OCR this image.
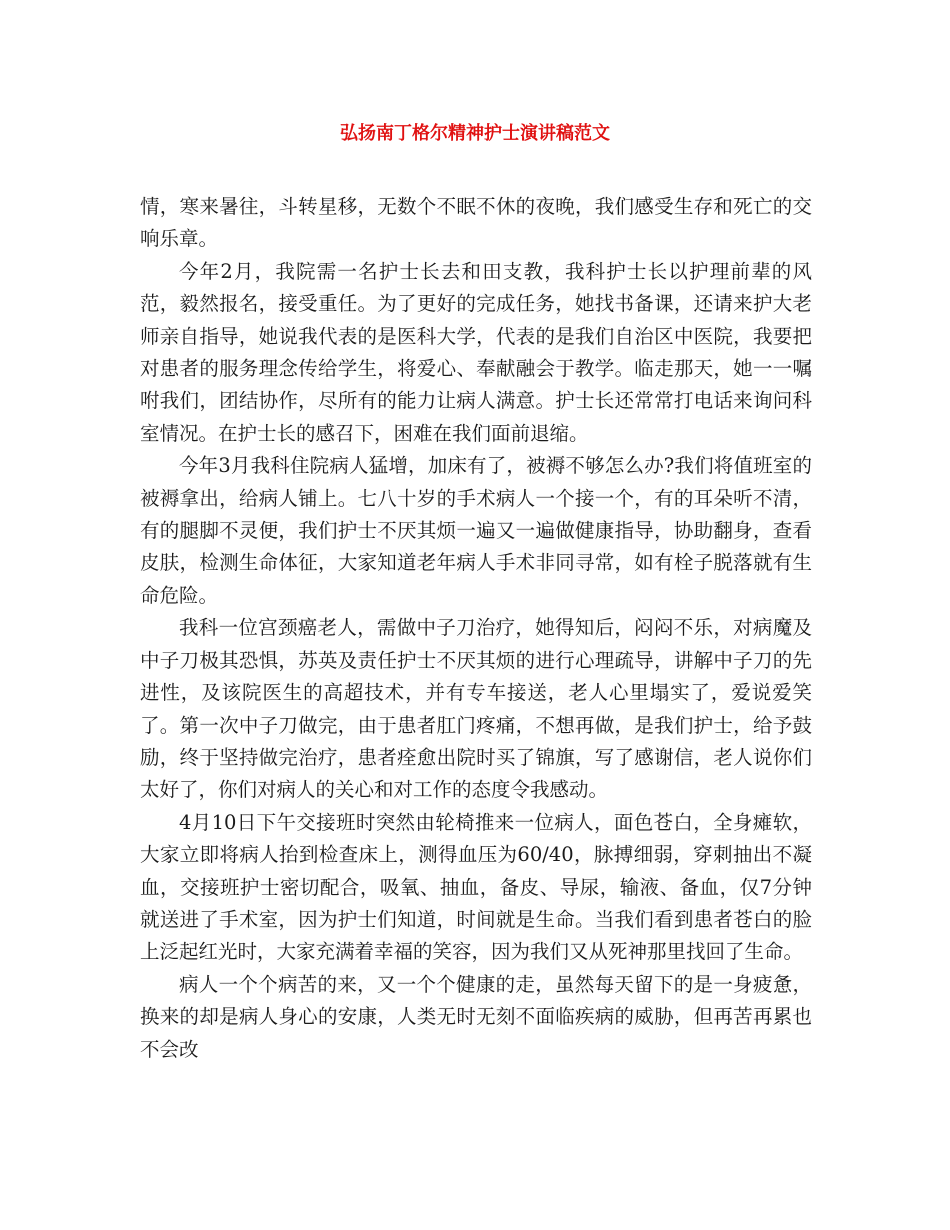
弘扬南丁格尔精神护士演讲稿范文

情，寒来暑往，斗转星移，无数个不眠不休的夜晚，我们感受生存和死亡的交响乐章。

今年2月，我院需一名护士长去和田支教，我科护士长以护理前辈的风范，毅然报名，接受重任。为了更好的完成任务，她找书备课，还请来护大老师亲自指导，她说我代表的是医科大学，代表的是我们自治区中医院，我要把对患者的服务理念传给学生，将爱心、奉献融会于教学。临走那天，她一一嘱咐我们，团结协作，尽所有的能力让病人满意。护士长还常常打电话来询问科室情况。在护士长的感召下，困难在我们面前退缩。

今年3月我科住院病人猛增，加床有了，被褥不够怎么办?我们将值班室的被褥拿出，给病人铺上。七八十岁的手术病人一个接一个，有的耳朵听不清，有的腿脚不灵便，我们护士不厌其烦一遍又一遍做健康指导，协助翻身，查看皮肤，检测生命体征，大家知道老年病人手术非同寻常，如有栓子脱落就有生命危险。

我科一位宫颈癌老人，需做中子刀治疗，她得知后，闷闷不乐，对病魔及中子刀极其恐惧，苏英及责任护士不厌其烦的进行心理疏导，讲解中子刀的先进性，及该院医生的高超技术，并有专车接送，老人心里塌实了，爱说爱笑了。第一次中子刀做完，由于患者肛门疼痛，不想再做，是我们护士，给予鼓励，终于坚持做完治疗，患者痊愈出院时买了锦旗，写了感谢信，老人说你们太好了，你们对病人的关心和对工作的态度令我感动。

4月10日下午交接班时突然由轮椅推来一位病人，面色苍白，全身瘫软，大家立即将病人抬到检查床上，测得血压为60/40，脉搏细弱，穿刺抽出不凝血，交接班护士密切配合，吸氧、抽血，备皮、导尿，输液、备血，仅7分钟就送进了手术室，因为护士们知道，时间就是生命。当我们看到患者苍白的脸上泛起红光时，大家充满着幸福的笑容，因为我们又从死神那里找回了生命。

病人一个个病苦的来，又一个个健康的走，虽然每天留下的是一身疲惫，换来的却是病人身心的安康，人类无时无刻不面临疾病的威胁，但再苦再累也不会改
